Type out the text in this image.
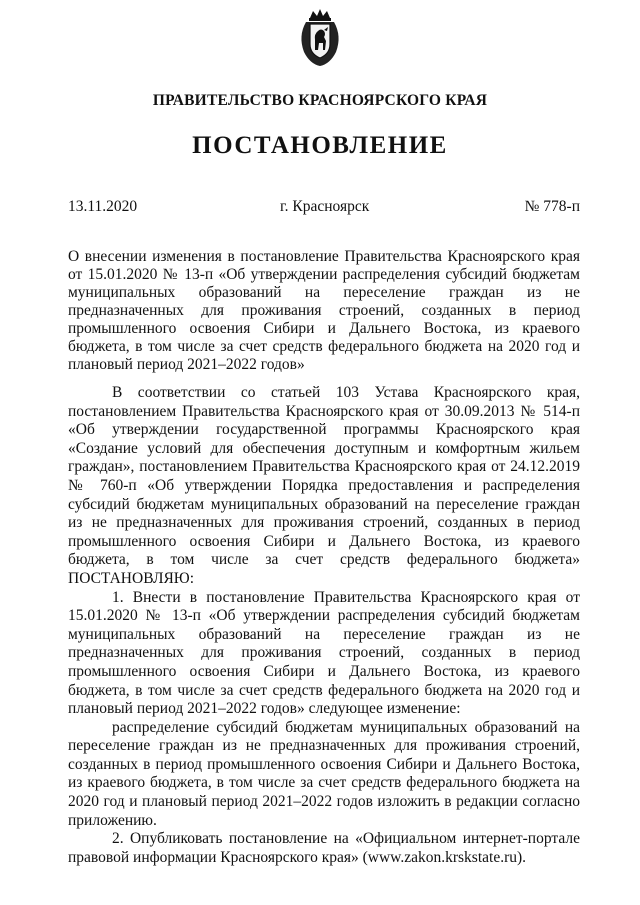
ПРАВИТЕЛЬСТВО КРАСНОЯРСКОГО КРАЯ
ПОСТАНОВЛЕНИЕ
13.11.2020	г. Красноярск	№ 778-п
О внесении изменения в постановление Правительства Красноярского края от 15.01.2020 № 13-п «Об утверждении распределения субсидий бюджетам муниципальных образований на переселение граждан из не предназначенных для проживания строений, созданных в период промышленного освоения Сибири и Дальнего Востока, из краевого бюджета, в том числе за счет средств федерального бюджета на 2020 год и плановый период 2021–2022 годов»

В соответствии со статьей 103 Устава Красноярского края, постановлением Правительства Красноярского края от 30.09.2013 № 514-п «Об утверждении государственной программы Красноярского края «Создание условий для обеспечения доступным и комфортным жильем граждан», постановлением Правительства Красноярского края от 24.12.2019 № 760-п «Об утверждении Порядка предоставления и распределения субсидий бюджетам муниципальных образований на переселение граждан из не предназначенных для проживания строений, созданных в период промышленного освоения Сибири и Дальнего Востока, из краевого бюджета, в том числе за счет средств федерального бюджета» ПОСТАНОВЛЯЮ:

1. Внести в постановление Правительства Красноярского края от 15.01.2020 № 13-п «Об утверждении распределения субсидий бюджетам муниципальных образований на переселение граждан из не предназначенных для проживания строений, созданных в период промышленного освоения Сибири и Дальнего Востока, из краевого бюджета, в том числе за счет средств федерального бюджета на 2020 год и плановый период 2021–2022 годов» следующее изменение:

распределение субсидий бюджетам муниципальных образований на переселение граждан из не предназначенных для проживания строений, созданных в период промышленного освоения Сибири и Дальнего Востока, из краевого бюджета, в том числе за счет средств федерального бюджета на 2020 год и плановый период 2021–2022 годов изложить в редакции согласно приложению.

2. Опубликовать постановление на «Официальном интернет-портале правовой информации Красноярского края» (www.zakon.krskstate.ru).
